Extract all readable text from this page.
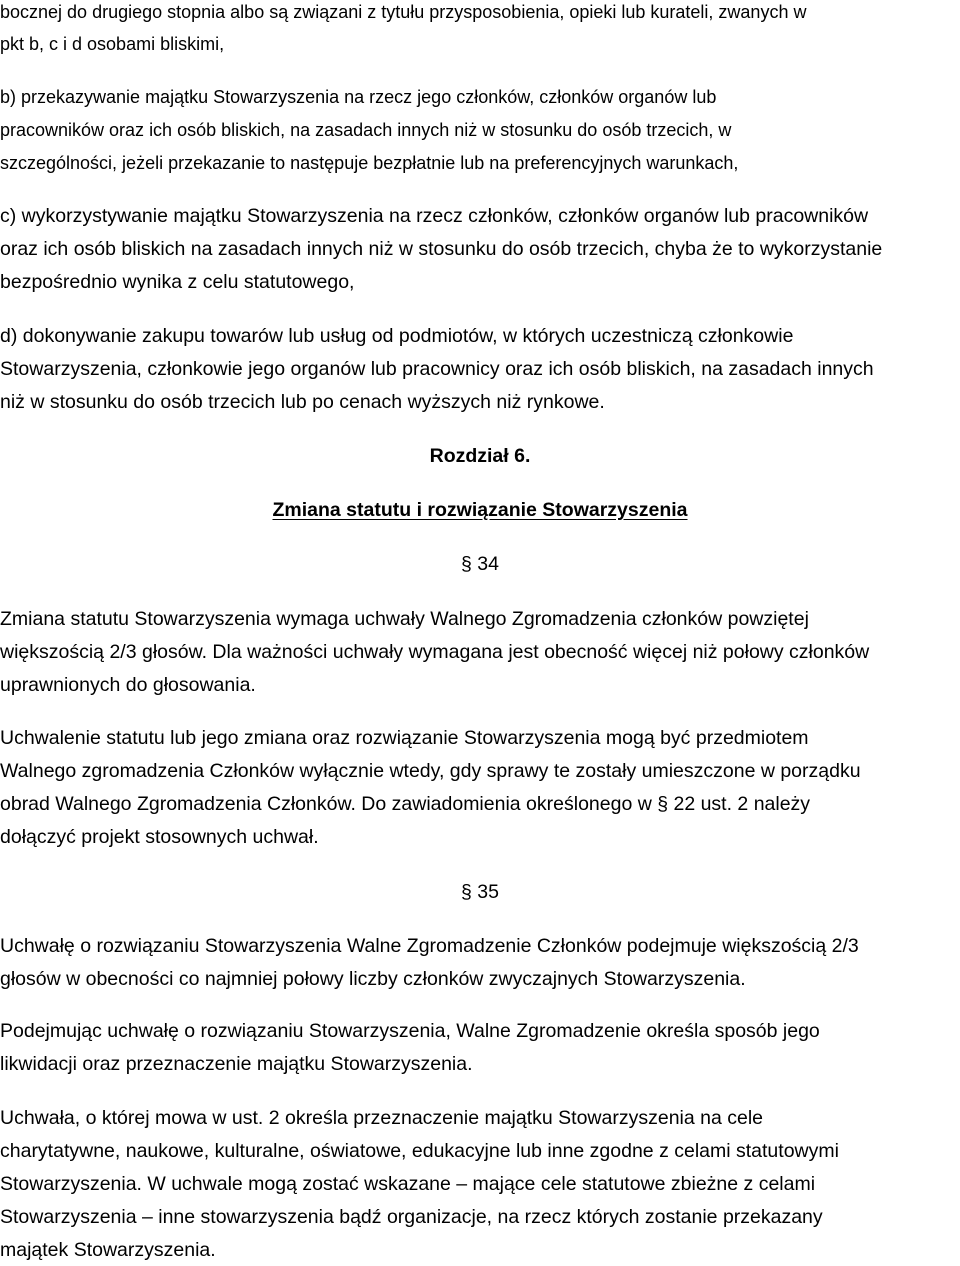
bocznej do drugiego stopnia albo są związani z tytułu przysposobienia, opieki lub kurateli, zwanych w
pkt b, c i d osobami bliskimi,
b) przekazywanie majątku Stowarzyszenia na rzecz jego członków, członków organów lub
pracowników oraz ich osób bliskich, na zasadach innych niż w stosunku do osób trzecich, w
szczególności, jeżeli przekazanie to następuje bezpłatnie lub na preferencyjnych warunkach,
c) wykorzystywanie majątku Stowarzyszenia na rzecz członków, członków organów lub pracowników
oraz ich osób bliskich na zasadach innych niż w stosunku do osób trzecich, chyba że to wykorzystanie
bezpośrednio wynika z celu statutowego,
d) dokonywanie zakupu towarów lub usług od podmiotów, w których uczestniczą członkowie
Stowarzyszenia, członkowie jego organów lub pracownicy oraz ich osób bliskich, na zasadach innych
niż w stosunku do osób trzecich lub po cenach wyższych niż rynkowe.
Rozdział 6.
Zmiana statutu i rozwiązanie Stowarzyszenia
§ 34
Zmiana statutu Stowarzyszenia wymaga uchwały Walnego Zgromadzenia członków powziętej
większością 2/3 głosów. Dla ważności uchwały wymagana jest obecność więcej niż połowy członków
uprawnionych do głosowania.
Uchwalenie statutu lub jego zmiana oraz rozwiązanie Stowarzyszenia mogą być przedmiotem
Walnego zgromadzenia Członków wyłącznie wtedy, gdy sprawy te zostały umieszczone w porządku
obrad Walnego Zgromadzenia Członków. Do zawiadomienia określonego w § 22 ust. 2 należy
dołączyć projekt stosownych uchwał.
§ 35
Uchwałę o rozwiązaniu Stowarzyszenia Walne Zgromadzenie Członków podejmuje większością 2/3
głosów w obecności co najmniej połowy liczby członków zwyczajnych Stowarzyszenia.
Podejmując uchwałę o rozwiązaniu Stowarzyszenia, Walne Zgromadzenie określa sposób jego
likwidacji oraz przeznaczenie majątku Stowarzyszenia.
Uchwała, o której mowa w ust. 2 określa przeznaczenie majątku Stowarzyszenia na cele
charytatywne, naukowe, kulturalne, oświatowe, edukacyjne lub inne zgodne z celami statutowymi
Stowarzyszenia. W uchwale mogą zostać wskazane – mające cele statutowe zbieżne z celami
Stowarzyszenia – inne stowarzyszenia bądź organizacje, na rzecz których zostanie przekazany
majątek Stowarzyszenia.
